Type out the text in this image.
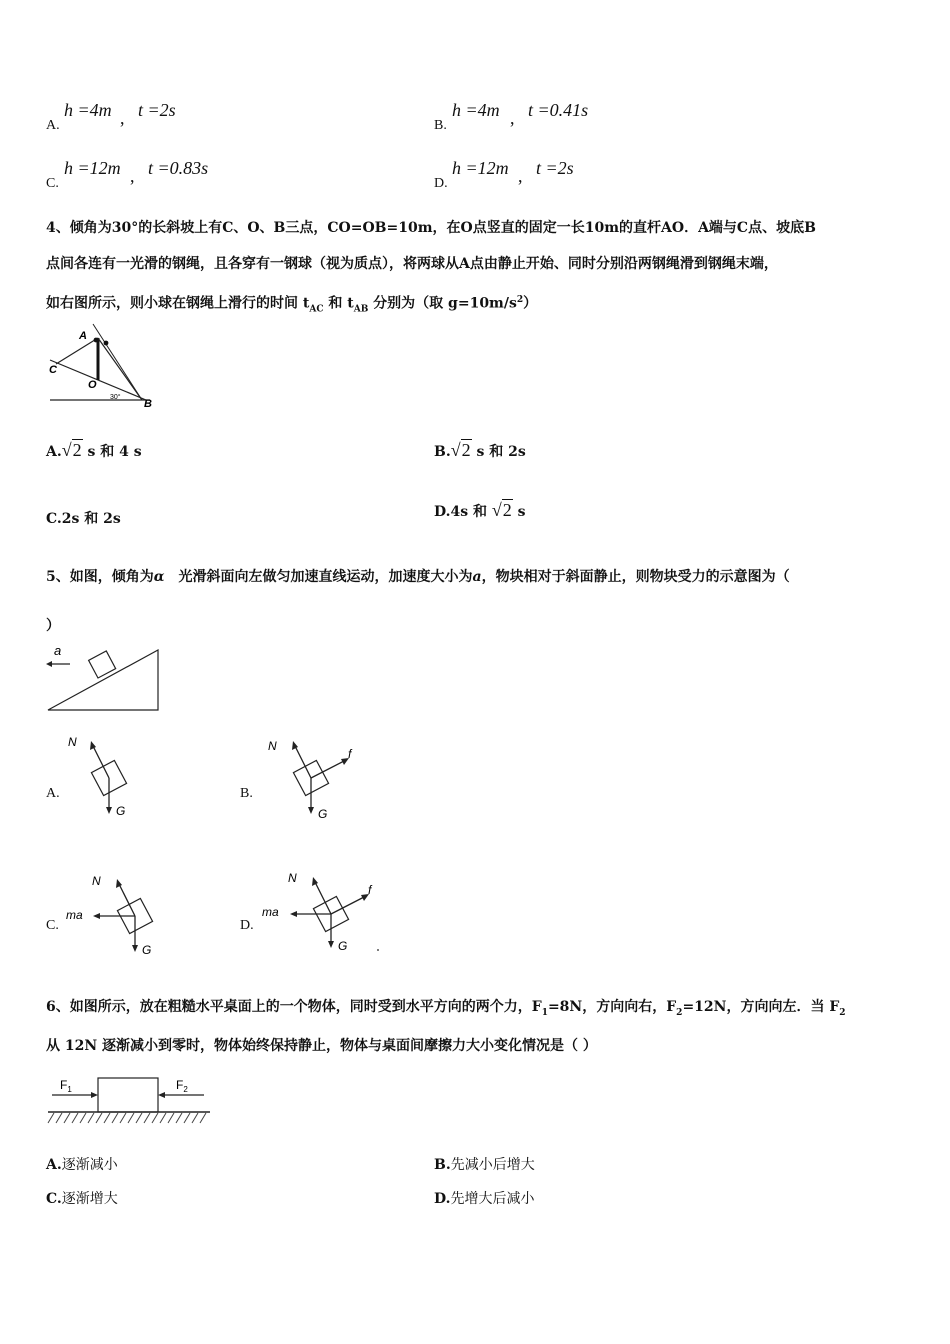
A.
h =4m , t =2s
B.
h =4m , t =0.41s
C.
h =12m , t =0.83s
D.
h =12m , t =2s
4、倾角为30°的长斜坡上有C、O、B三点，CO=OB=10m，在O点竖直的固定一长10m的直杆AO．A端与C点、坡底B
点间各连有一光滑的钢绳，且各穿有一钢球（视为质点），将两球从A点由静止开始、同时分别沿两钢绳滑到钢绳末端，
如右图所示，则小球在钢绳上滑行的时间 $t_{AC}$ 和 $t_{AB}$ 分别为（取 $g=10m/s^2$）
A
C
O
B
30°
A.√2 s 和 4 s	B.√2 s 和 2s
C.2s 和 2s	D.4s 和 √2 s
5、如图，倾角为α　光滑斜面向左做匀加速直线运动，加速度大小为a，物块相对于斜面静止，则物块受力的示意图为（
）
a
A.
N
G
B.
N
G
f
C.
N
G
ma
D.
N
G
ma
f
6、如图所示，放在粗糙水平桌面上的一个物体，同时受到水平方向的两个力，$F_1=8N$，方向向右，$F_2=12N$，方向向左．当 $F_2$
从 12N 逐渐减小到零时，物体始终保持静止，物体与桌面间摩擦力大小变化情况是（ ）
$F_1$	$F_2$
A.逐渐减小	B.先减小后增大
C.逐渐增大	D.先增大后减小
